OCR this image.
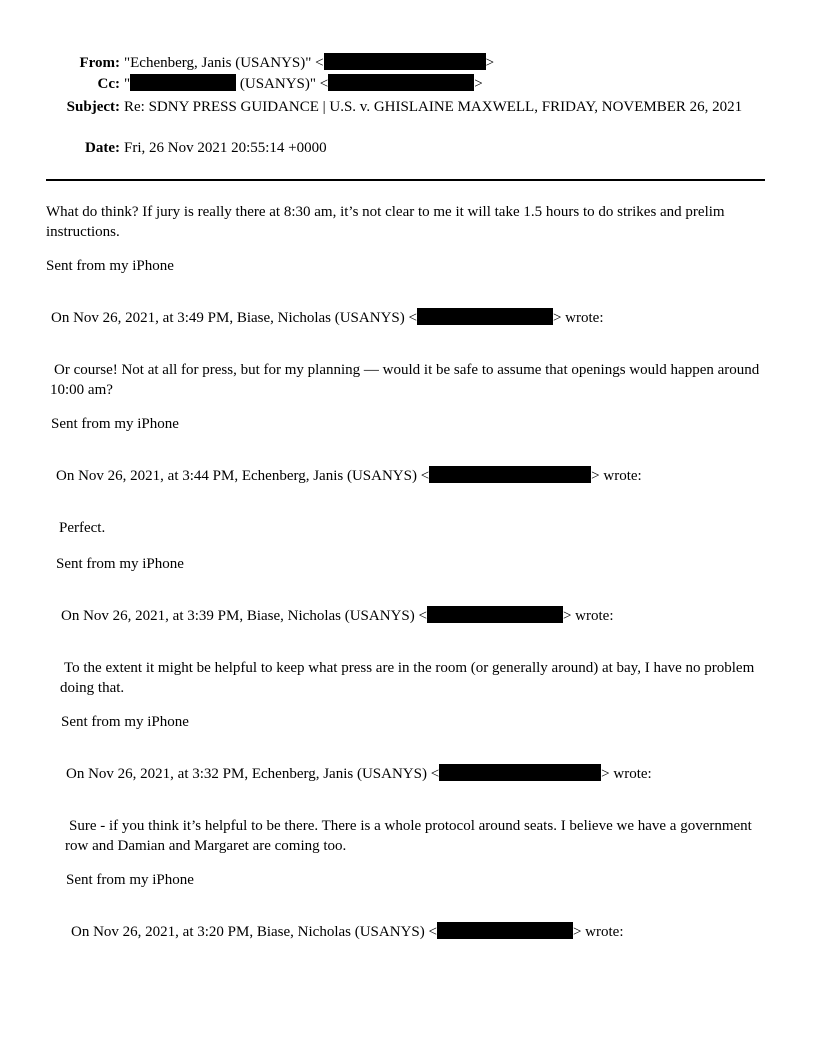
From: "Echenberg, Janis (USANYS)" <	>
Cc: "	(USANYS)" <	>
Subject: Re: SDNY PRESS GUIDANCE | U.S. v. GHISLAINE MAXWELL, FRIDAY, NOVEMBER 26, 2021
Date: Fri, 26 Nov 2021 20:55:14 +0000
What do think? If jury is really there at 8:30 am, it’s not clear to me it will take 1.5 hours to do strikes and prelim instructions.
Sent from my iPhone
On Nov 26, 2021, at 3:49 PM, Biase, Nicholas (USANYS) <	> wrote:
Or course! Not at all for press, but for my planning — would it be safe to assume that openings would happen around 10:00 am?
Sent from my iPhone
On Nov 26, 2021, at 3:44 PM, Echenberg, Janis (USANYS) <	> wrote:
Perfect.
Sent from my iPhone
On Nov 26, 2021, at 3:39 PM, Biase, Nicholas (USANYS) <	> wrote:
To the extent it might be helpful to keep what press are in the room (or generally around) at bay, I have no problem doing that.
Sent from my iPhone
On Nov 26, 2021, at 3:32 PM, Echenberg, Janis (USANYS) <	> wrote:
Sure - if you think it’s helpful to be there. There is a whole protocol around seats. I believe we have a government row and Damian and Margaret are coming too.
Sent from my iPhone
On Nov 26, 2021, at 3:20 PM, Biase, Nicholas (USANYS) <	> wrote:
